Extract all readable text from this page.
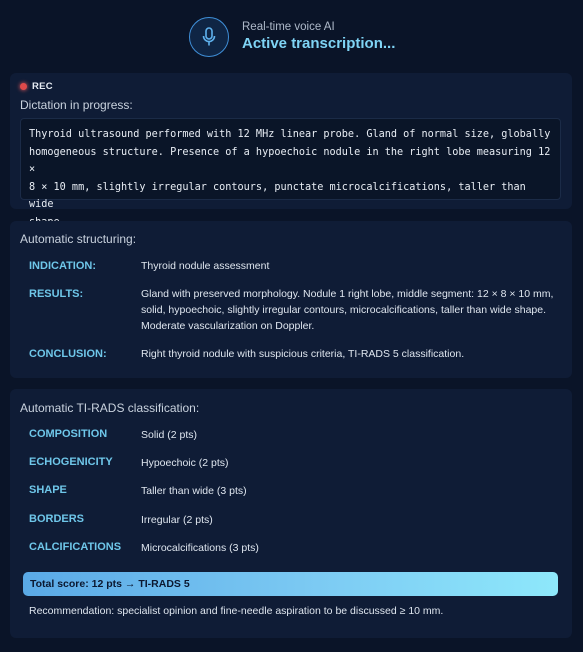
Real-time voice AI
Active transcription...
REC
Dictation in progress:
Thyroid ultrasound performed with 12 MHz linear probe. Gland of normal size, globally
homogeneous structure. Presence of a hypoechoic nodule in the right lobe measuring 12 ×
8 × 10 mm, slightly irregular contours, punctate microcalcifications, taller than wide
Automatic structuring:
INDICATION:	Thyroid nodule assessment
RESULTS:	Gland with preserved morphology. Nodule 1 right lobe, middle segment: 12 × 8 × 10 mm, solid, hypoechoic, slightly irregular contours, microcalcifications, taller than wide shape. Moderate vascularization on Doppler.
CONCLUSION:	Right thyroid nodule with suspicious criteria, TI-RADS 5 classification.
Automatic TI-RADS classification:
COMPOSITION	Solid (2 pts)
ECHOGENICITY	Hypoechoic (2 pts)
SHAPE	Taller than wide (3 pts)
BORDERS	Irregular (2 pts)
CALCIFICATIONS Microcalcifications (3 pts)
Total score: 12 pts → TI-RADS 5
Recommendation: specialist opinion and fine-needle aspiration to be discussed ≥ 10 mm.
